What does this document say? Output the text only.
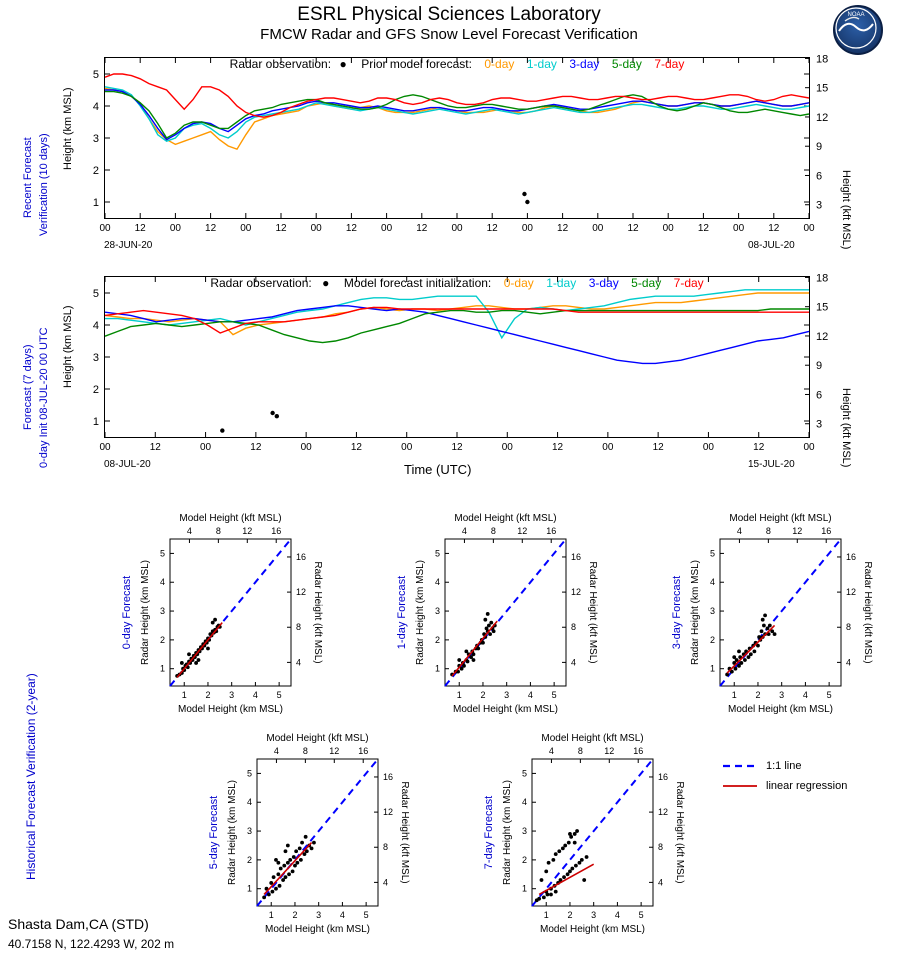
ESRL Physical Sciences Laboratory
FMCW Radar and GFS Snow Level Forecast Verification
NOAA
Recent Forecast Verification (10 days)
Height (km MSL)
Height (kft MSL)
00 12 00 12 00 12 00 12 00 12 00 12 00 12 00 12 00 12 00 12 00
1
2
3
4
5
3
6
9
12
15
18
28-JUN-20	08-JUL-20
Radar observation: ● Prior model forecast: 0-day 1-day 3-day 5-day 7-day
Forecast (7 days) 0-day Init 08-JUL-20 00 UTC Height (km MSL)
Height (kft MSL)
00	12	00	12	00	12	00	12	00	12	00	12	00	12	00
1
2
3
4
5
3
6
9
12
15
18
08-JUL-20	15-JUL-20
Time (UTC)
Radar observation: ● Model forecast initialization: 0-day 1-day 3-day 5-day 7-day
Historical Forecast Verification (2-year)	1 2 3 4 5
1
2
3
4
5
4	8 12 16
4
8
12
16
Model Height (kft MSL)
Model Height (km MSL)
Radar Height (km MSL)	Radar Height (kft MSL)
0-day Forecast
1 2 3 4 5
1
2
3
4
5
4	8 12 16
4
8
12
16
Model Height (kft MSL)
Model Height (km MSL)
Radar Height (km MSL)	Radar Height (kft MSL)
1-day Forecast
1 2 3 4 5
1
2
3
4
5
4	8 12 16
4
8
12
16
Model Height (kft MSL)
Model Height (km MSL)
Radar Height (km MSL)	Radar Height (kft MSL)
3-day Forecast
1 2 3 4 5
1
2
3
4
5
4	8 12 16
4
8
12
16
Model Height (kft MSL)
Model Height (km MSL)
Radar Height (km MSL)	Radar Height (kft MSL)
5-day Forecast
1 2 3 4 5
1
2
3
4
5
4	8 12 16
4
8
12
16
Model Height (kft MSL)
Model Height (km MSL)
Radar Height (km MSL)	Radar Height (kft MSL)
7-day Forecast
1:1 line
linear regression
Shasta Dam,CA (STD)
40.7158 N, 122.4293 W, 202 m
